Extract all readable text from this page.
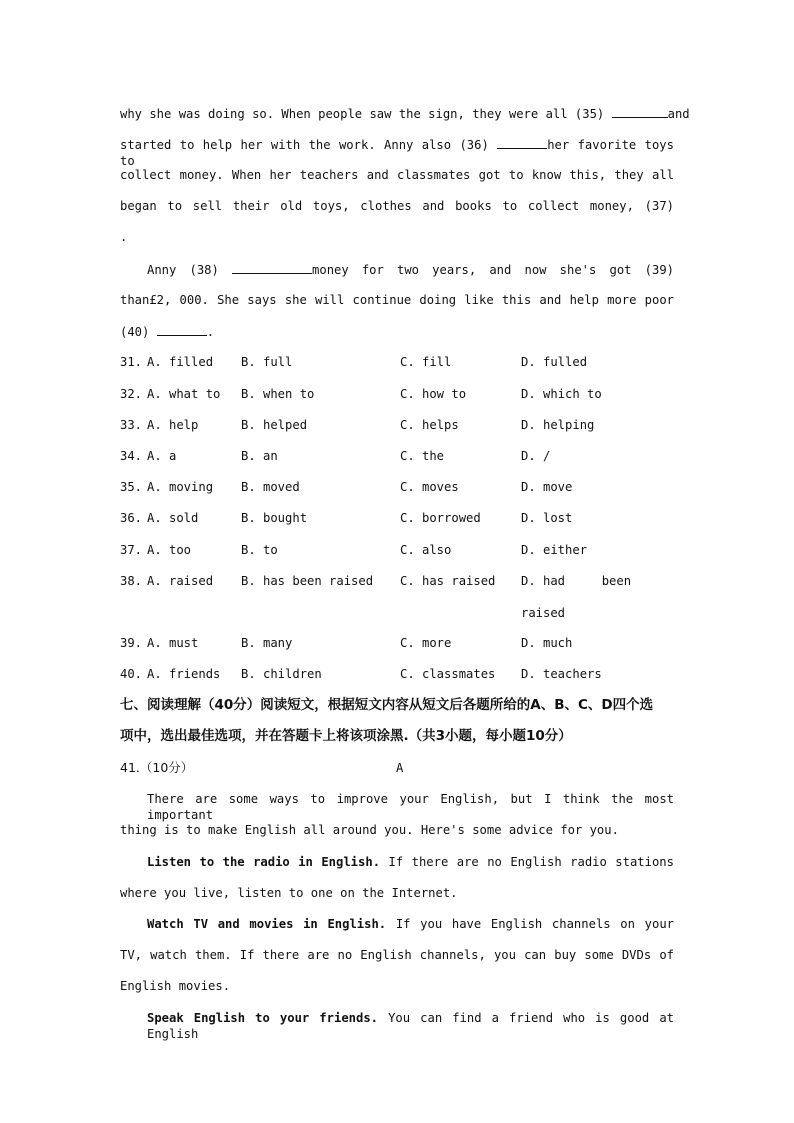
why she was doing so. When people saw the sign, they were all (35)	and
started to help her with the work. Anny also (36)	her favorite toys to
collect money. When her teachers and classmates got to know this, they all
began to sell their old toys, clothes and books to collect money, (37)
.
Anny (38)	money for two years, and now she's got (39)
than£2, 000. She says she will continue doing like this and help more poor
(40)	.
31. A. filled B. full	C. fill	D. fulled
32. A. what to B. when to	C. how to	D. which to
33. A. help	B. helped	C. helps	D. helping
34. A. a	B. an	C. the	D. /
35. A. moving B. moved	C. moves	D. move
36. A. sold	B. bought	C. borrowed	D. lost
37. A. too	B. to	C. also	D. either
38. A. raised B. has been raised C. has raised D. had     been
raised
39. A. must	B. many	C. more	D. much
40. A. friends B. children	C. classmates D. teachers
七、阅读理解（40分）阅读短文，根据短文内容从短文后各题所给的A、B、C、D四个选
项中，选出最佳选项，并在答题卡上将该项涂黑.（共3小题，每小题10分）
41.（10分）	A
There are some ways to improve your English, but I think the most important
thing is to make English all around you. Here's some advice for you.
Listen to the radio in English. If there are no English radio stations
where you live, listen to one on the Internet.
Watch TV and movies in English. If you have English channels on your
TV, watch them. If there are no English channels, you can buy some DVDs of
English movies.
Speak English to your friends. You can find a friend who is good at English
